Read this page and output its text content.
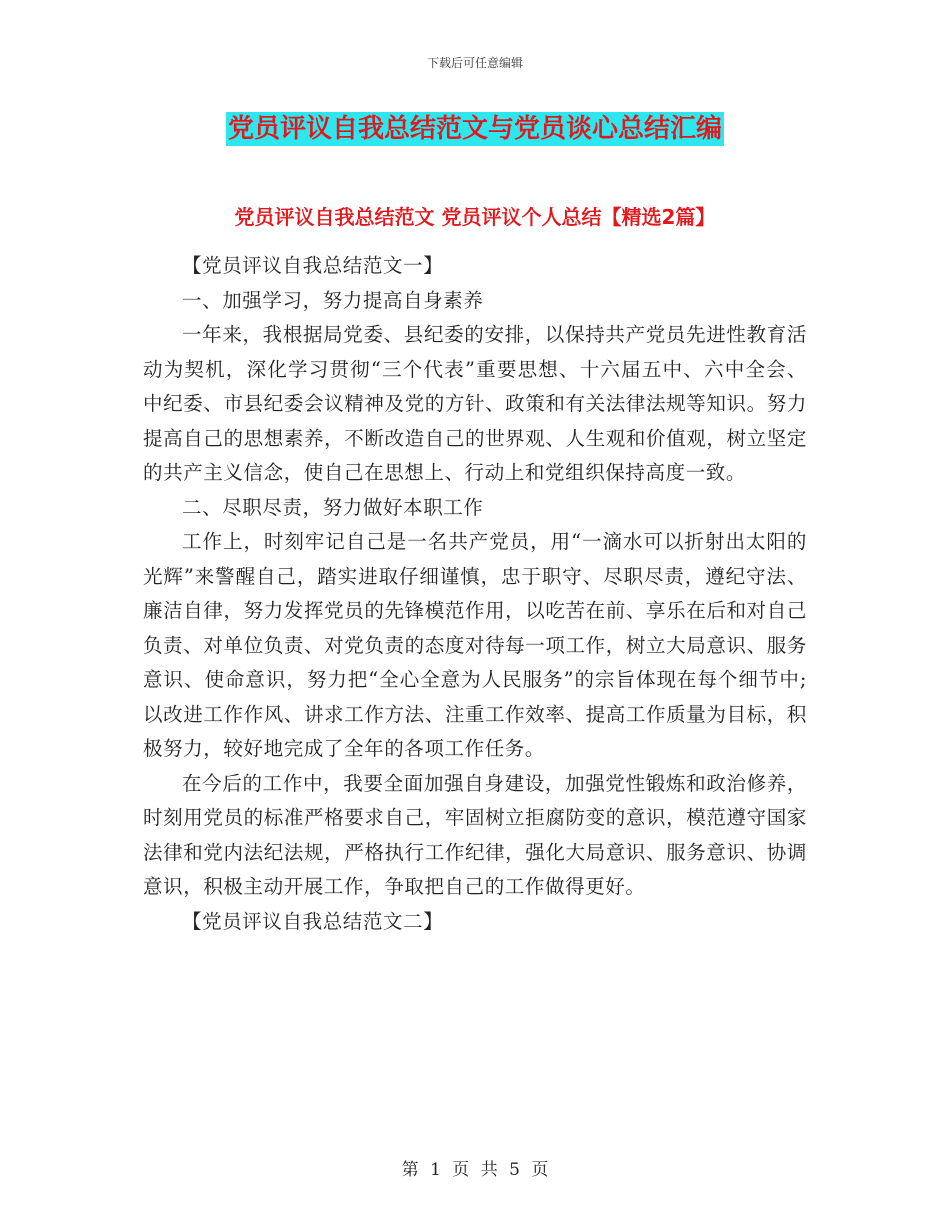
下载后可任意编辑
党员评议自我总结范文与党员谈心总结汇编
党员评议自我总结范文 党员评议个人总结【精选2篇】

【党员评议自我总结范文一】

一、加强学习，努力提高自身素养

一年来，我根据局党委、县纪委的安排，以保持共产党员先进性教育活动为契机，深化学习贯彻“三个代表”重要思想、十六届五中、六中全会、中纪委、市县纪委会议精神及党的方针、政策和有关法律法规等知识。努力提高自己的思想素养，不断改造自己的世界观、人生观和价值观，树立坚定的共产主义信念，使自己在思想上、行动上和党组织保持高度一致。

二、尽职尽责，努力做好本职工作

工作上，时刻牢记自己是一名共产党员，用“一滴水可以折射出太阳的光辉”来警醒自己，踏实进取仔细谨慎，忠于职守、尽职尽责，遵纪守法、廉洁自律，努力发挥党员的先锋模范作用，以吃苦在前、享乐在后和对自己负责、对单位负责、对党负责的态度对待每一项工作，树立大局意识、服务意识、使命意识，努力把“全心全意为人民服务”的宗旨体现在每个细节中;以改进工作作风、讲求工作方法、注重工作效率、提高工作质量为目标，积极努力，较好地完成了全年的各项工作任务。

在今后的工作中，我要全面加强自身建设，加强党性锻炼和政治修养，时刻用党员的标准严格要求自己，牢固树立拒腐防变的意识，模范遵守国家法律和党内法纪法规，严格执行工作纪律，强化大局意识、服务意识、协调意识，积极主动开展工作，争取把自己的工作做得更好。

【党员评议自我总结范文二】

第 1 页 共 5 页
